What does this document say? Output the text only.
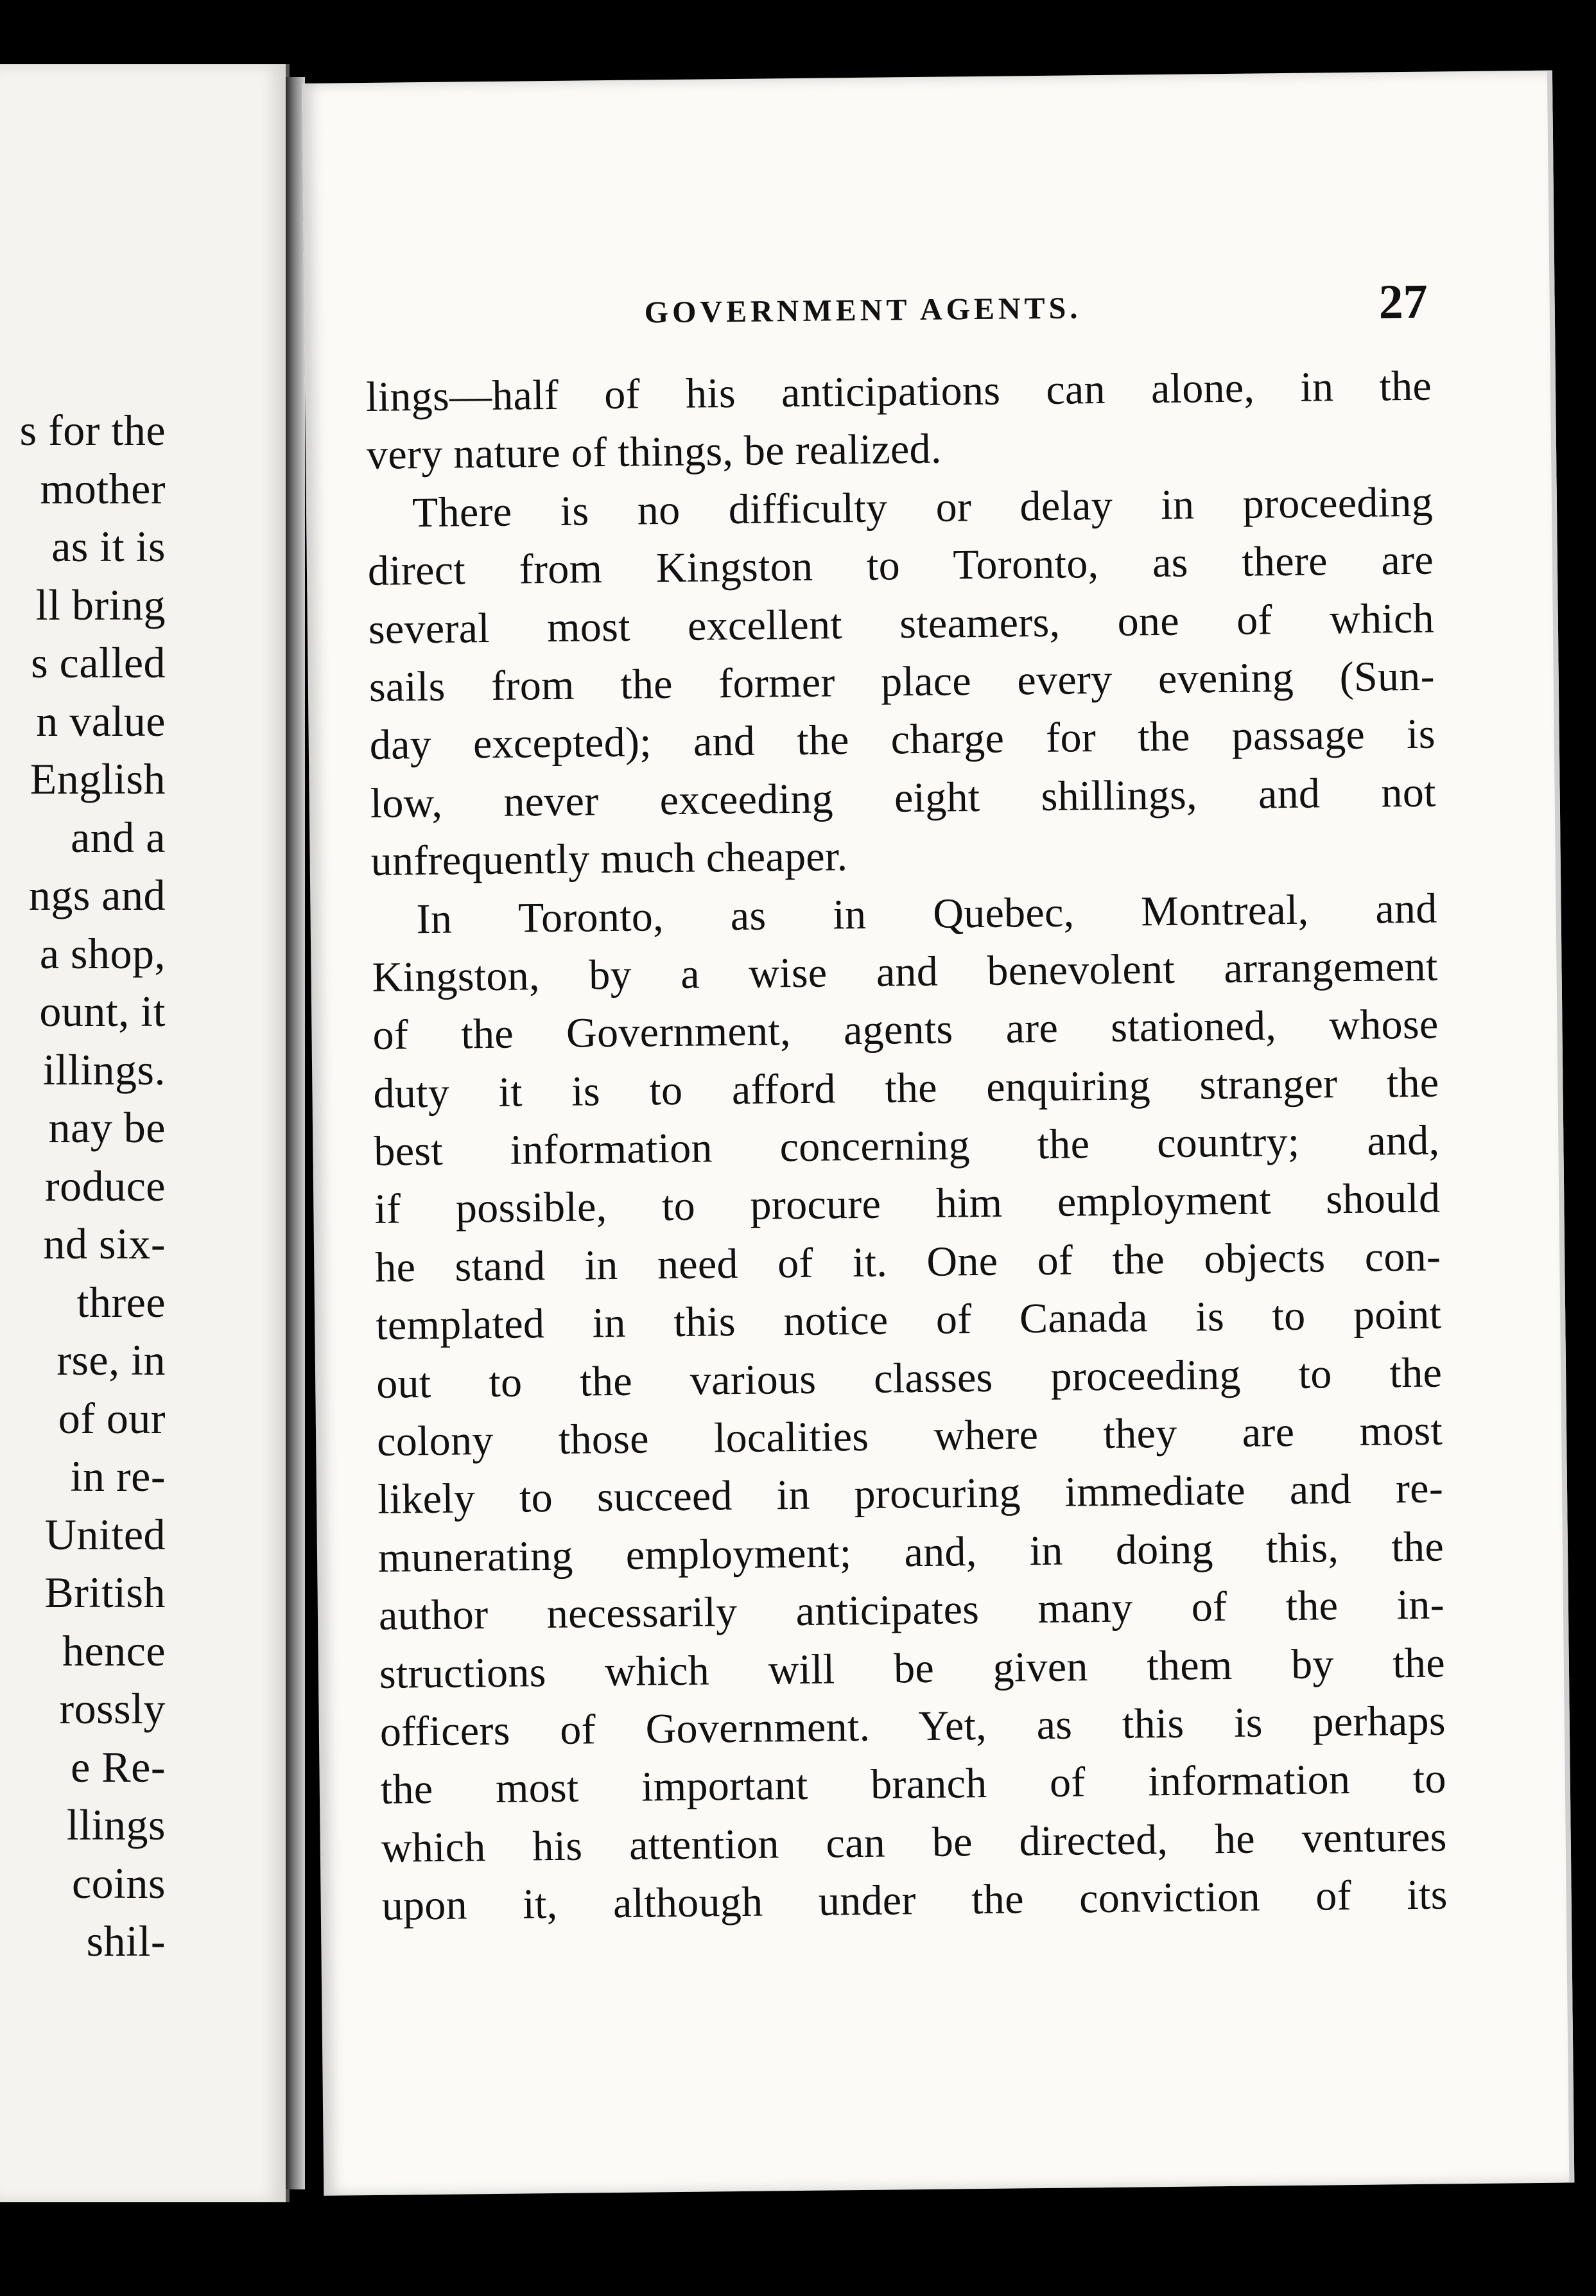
s for the
mother
as it is
ll bring
s called
n value
English
and a
ngs and
a shop,
ount, it
illings.
nay be
roduce
nd six-
three
rse, in
of our
in re-
United
British
hence
rossly
e Re-
llings
coins
shil-
GOVERNMENT AGENTS.	27
lings—half of his anticipations can alone, in the
very nature of things, be realized.
There is no difficulty or delay in proceeding
direct from Kingston to Toronto, as there are
several most excellent steamers, one of which
sails from the former place every evening (Sun-
day excepted); and the charge for the passage is
low, never exceeding eight shillings, and not
unfrequently much cheaper.
In Toronto, as in Quebec, Montreal, and
Kingston, by a wise and benevolent arrangement
of the Government, agents are stationed, whose
duty it is to afford the enquiring stranger the
best information concerning the country; and,
if possible, to procure him employment should
he stand in need of it. One of the objects con-
templated in this notice of Canada is to point
out to the various classes proceeding to the
colony those localities where they are most
likely to succeed in procuring immediate and re-
munerating employment; and, in doing this, the
author necessarily anticipates many of the in-
structions which will be given them by the
officers of Government. Yet, as this is perhaps
the most important branch of information to
which his attention can be directed, he ventures
upon it, although under the conviction of its
